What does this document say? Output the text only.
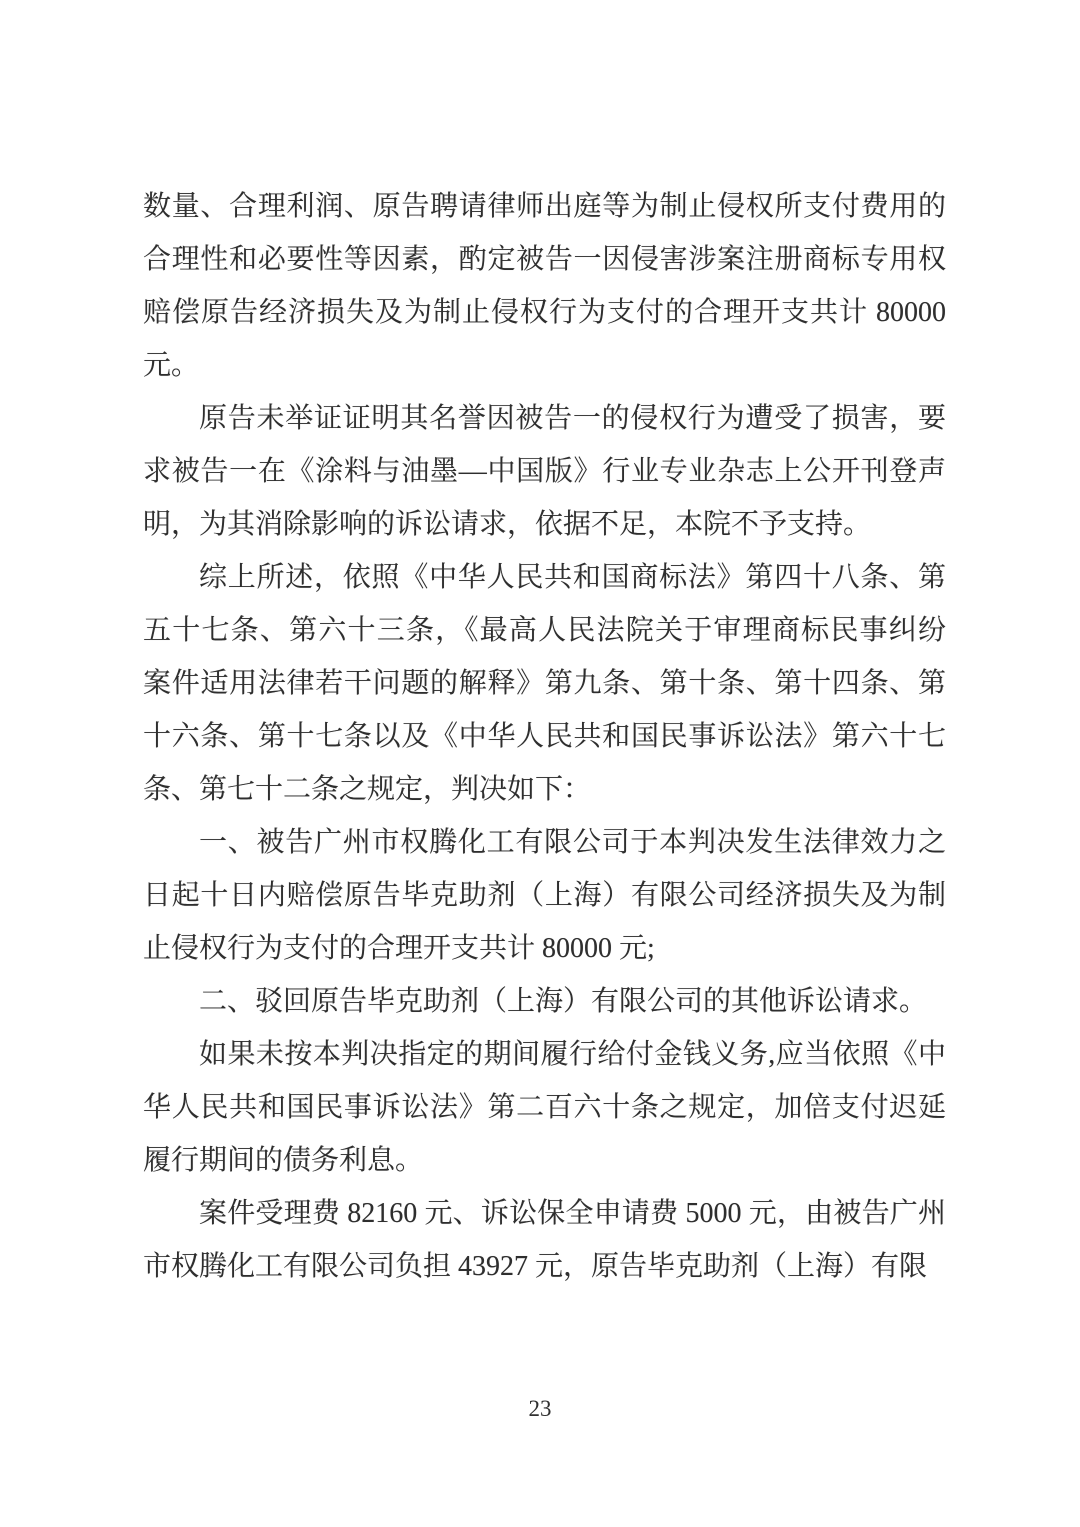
数量、合理利润、原告聘请律师出庭等为制止侵权所支付费用的
合理性和必要性等因素，酌定被告一因侵害涉案注册商标专用权
赔偿原告经济损失及为制止侵权行为支付的合理开支共计 80000
元。
原告未举证证明其名誉因被告一的侵权行为遭受了损害，要
求被告一在《涂料与油墨—中国版》行业专业杂志上公开刊登声
明，为其消除影响的诉讼请求，依据不足，本院不予支持。
综上所述，依照《中华人民共和国商标法》第四十八条、第
五十七条、第六十三条，《最高人民法院关于审理商标民事纠纷
案件适用法律若干问题的解释》第九条、第十条、第十四条、第
十六条、第十七条以及《中华人民共和国民事诉讼法》第六十七
条、第七十二条之规定，判决如下：
一、被告广州市权腾化工有限公司于本判决发生法律效力之
日起十日内赔偿原告毕克助剂（上海）有限公司经济损失及为制
止侵权行为支付的合理开支共计 80000 元;
二、驳回原告毕克助剂（上海）有限公司的其他诉讼请求。
如果未按本判决指定的期间履行给付金钱义务,应当依照《中
华人民共和国民事诉讼法》第二百六十条之规定，加倍支付迟延
履行期间的债务利息。
案件受理费 82160 元、诉讼保全申请费 5000 元，由被告广州
市权腾化工有限公司负担 43927 元，原告毕克助剂（上海）有限
23
